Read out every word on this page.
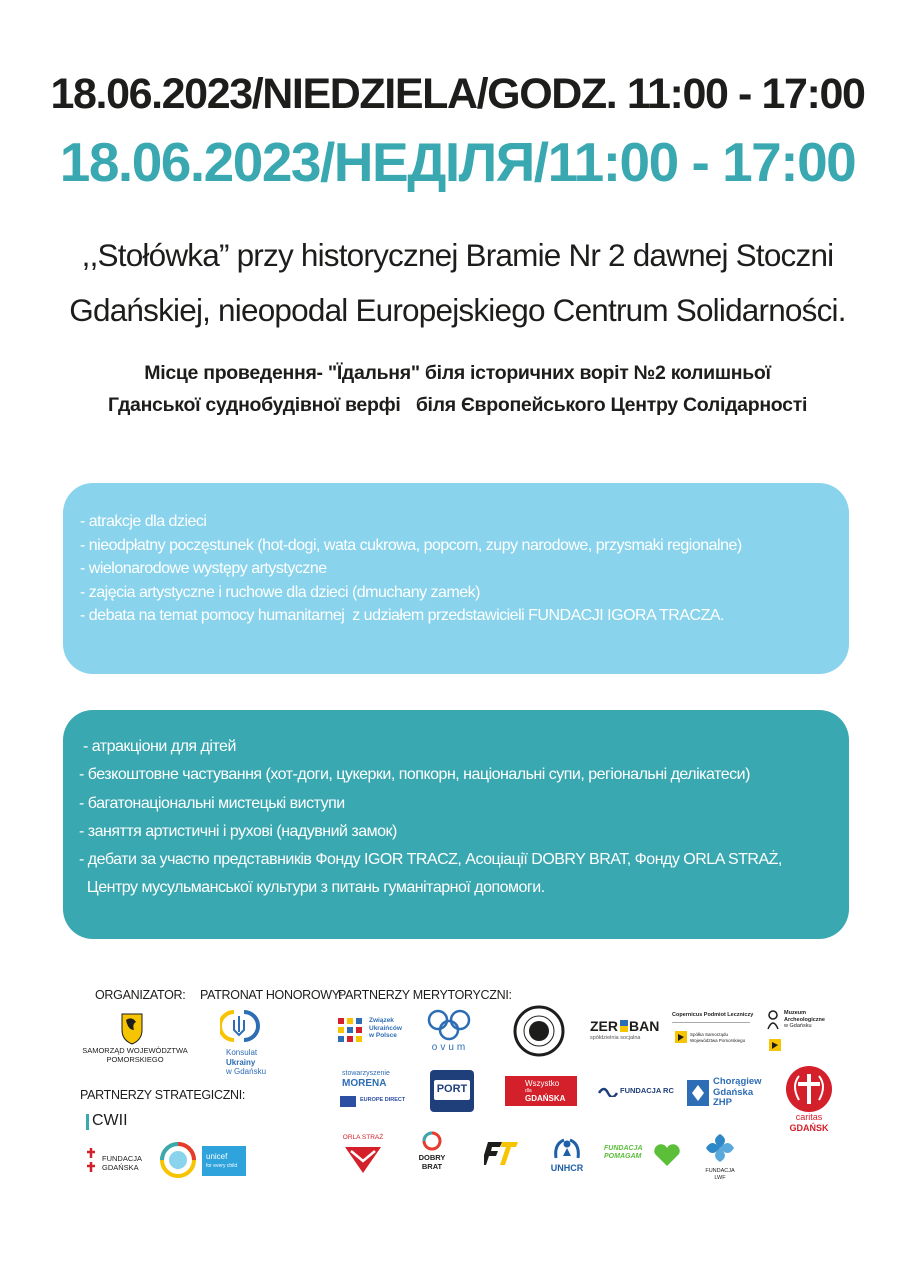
18.06.2023/NIEDZIELA/GODZ. 11:00 - 17:00
18.06.2023/НЕДІЛЯ/11:00 - 17:00
,,Stołówka” przy historycznej Bramie Nr 2 dawnej Stoczni
Gdańskiej, nieopodal Europejskiego Centrum Solidarności.
Місце проведення- "Їдальня" біля історичних воріт №2 колишньої
Гданської суднобудівної верфі   біля Європейського Центру Солідарності
- atrakcje dla dzieci
- nieodpłatny poczęstunek (hot-dogi, wata cukrowa, popcorn, zupy narodowe, przysmaki regionalne)
- wielonarodowe występy artystyczne
- zajęcia artystyczne i ruchowe dla dzieci (dmuchany zamek)
- debata na temat pomocy humanitarnej  z udziałem przedstawicieli FUNDACJI IGORA TRACZA.
- атракціони для дітей
- безкоштовне частування (хот-доги, цукерки, попкорн, національні супи, регіональні делікатеси)
- багатонаціональні мистецькі виступи
- заняття артистичні і рухові (надувний замок)
- дебати за участю представників Фонду IGOR TRACZ, Асоціації DOBRY BRAT, Фонду ORLA STRAŻ,
Центру мусульманської культури з питань гуманітарної допомоги.
ORGANIZATOR: PATRONAT HONOROWY:
PARTNERZY MERYTORYCZNI:
PARTNERZY STRATEGICZNI:
SAMORZĄD WOJEWÓDZTWA POMORSKIEGO
Konsulat
Ukrainy
w Gdańsku
CWII
FUNDACJA
GDAŃSKA
unicef
for every child
Związek
Ukraińców
w Polsce
ovum
ZER BAN
spółdzielnia socjalna
Copernicus Podmiot Leczniczy
Spółka Samorządu Województwa Pomorskiego
Muzeum
Archeologiczne
w Gdańsku
stowarzyszenie
MORENA
EUROPE DIRECT
PORT	Wszystko
dla
GDAŃSKA
FUNDACJA RC
Chorągiew
Gdańska
ZHP
caritas
GDAŃSK
ORLA STRAŻ
DOBRY
BRAT	UNHCR
FUNDACJA POMAGAM
FUNDACJA
LWF
